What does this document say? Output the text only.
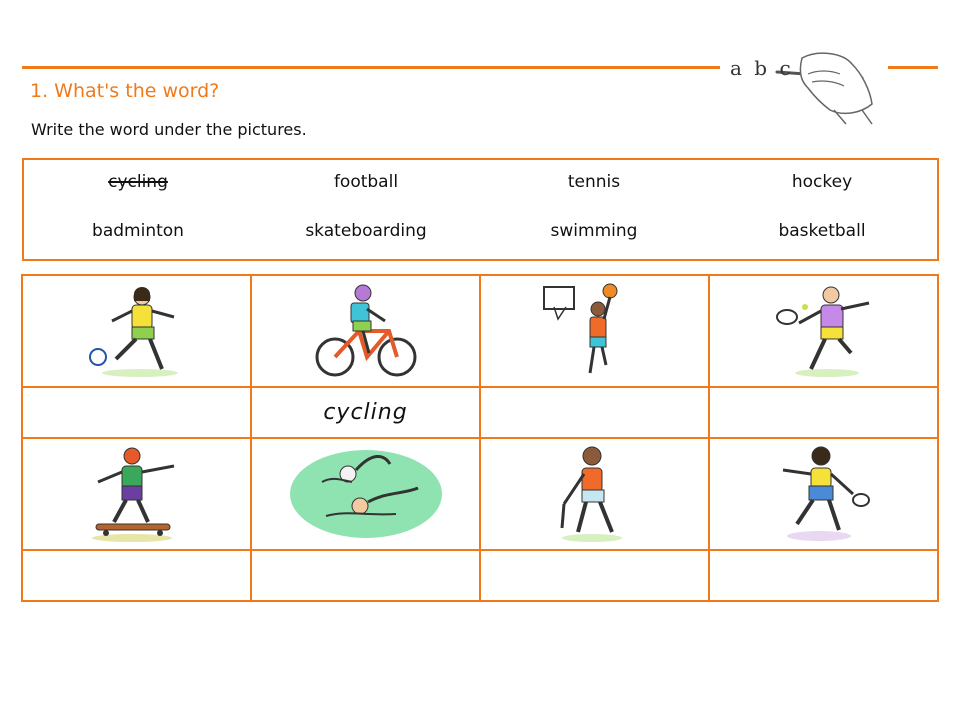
a b c
1. What's the word?
Write the word under the pictures.
cycling	football	tennis	hockey
badminton	skateboarding	swimming	basketball

	cycling		
